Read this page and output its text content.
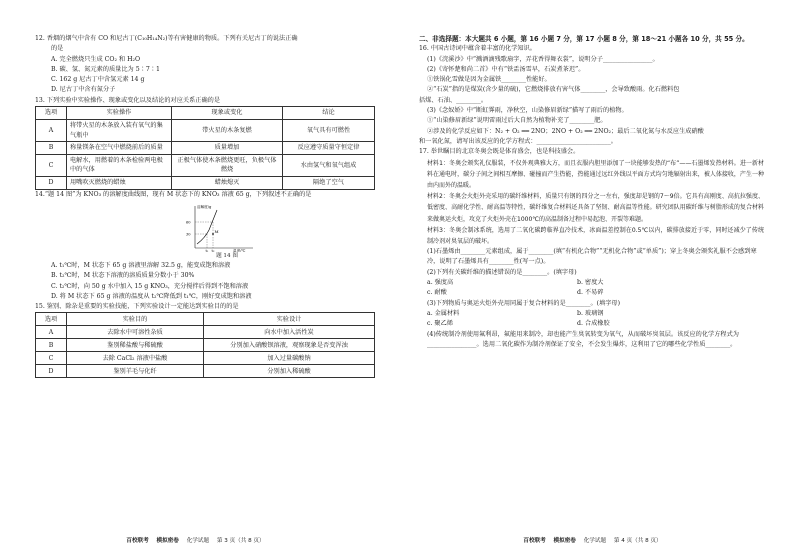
12. 香烟的烟气中含有 CO 和尼古丁(C₁₀H₁₄N₂)等有害健康的物质。下列有关尼古丁的说法正确
的是
A. 完全燃烧只生成 CO₂ 和 H₂O
B. 碳、氢、氮元素的质量比为 5∶7∶1
C. 162 g 尼古丁中含氢元素 14 g
D. 尼古丁中含有氮分子
13. 下列实验中实验操作、现象或变化以及结论的对应关系正确的是
选项	实验操作	现象或变化	结论
A	将带火星的木条放入装有氧气的集气瓶中	带火星的木条复燃	氧气具有可燃性
B	称量镁条在空气中燃烧前后的质量	质量增加	反应遵守质量守恒定律
C	电解水，用燃着的木条检验两电极中的气体	正极气体使木条燃烧更旺，负极气体燃烧	水由氢气和氧气组成
D	用嘴吹灭燃烧的蜡烛	蜡烛熄灭	隔绝了空气
14.“题 14 图”为 KNO₃ 的溶解度曲线图，现有 M 状态下的 KNO₃ 溶液 65 g，下列叙述不正确的是
M
溶解度/g
60
30
t₁ t₂	温度/℃
题 14 图
A. t₁℃时，M 状态下 65 g 溶液里溶解 32.5 g，能变成饱和溶液
B. t₂℃时，M 状态下溶液的溶质质量分数小于 30%
C. t₂℃时，向 50 g 水中加入 15 g KNO₃，充分搅拌后得到不饱和溶液
D. 将 M 状态下 65 g 溶液的温度从 t₂℃降低到 t₁℃，刚好变成饱和溶液
15. 鉴别、除杂是重要的实验技能，下列实验设计一定能达到实验目的的是
选项	实验目的	实验设计
A	去除水中可溶性杂质	向水中加入活性炭
B	鉴别稀盐酸与稀硫酸	分别加入硝酸钡溶液，观察现象是否变浑浊
C	去除 CaCl₂ 溶液中盐酸	加入过量碳酸钠
D	鉴别羊毛与化纤	分别加入稀硫酸
百校联考 模拟密卷 化学试题 第 3 页（共 8 页）
二、非选择题：本大题共 6 小题，第 16 小题 7 分，第 17 小题 8 分，第 18～21 小题各 10 分，共 55 分。
16. 中国古诗词中蕴含着丰富的化学知识。
(1)《浣溪沙》中“溅酒滴残歌扇字，弄花香得舞衣裳”，说明分子________________。
(2)《寄怀楚和尚二首》中有“铁盂汤雪早，石炭煮茶迟”。
①铁锅化雪做是因为金属铁________性能好。
②“石炭”指的是煤炭(含少量的硫)，它燃烧排放有害气体________，会导致酸雨。化石燃料包
括煤、石油、________。
(3)《念奴娇》中“断虹霁雨，净秋空，山染修眉新绿”描写了雨后的植物。
①“山染修眉新绿”说明雷雨过后大自然为植物补充了________肥。
②涉及的化学反应如下：N₂ + O₂ ══ 2NO；2NO + O₂ ══ 2NO₂；最后二氧化氮与水反应生成硝酸
和一氧化氮，请写出该反应的化学方程式：________________________。
17. 举世瞩目的北京冬奥会既是体育盛会，也是科技盛会。
材料1：冬奥会颁奖礼仪服装，不仅外观典雅大方，而且衣服内胆里添加了一块能够发热的“布”——石墨烯发热材料。进一新材料在通电时，碳分子间之间相互摩擦、碰撞而产生热能，热能通过远红外线以平面方式均匀地辐射出来，被人体接收，产生一种由内而外的温暖。
材料2：冬奥会火炬外壳采用的碳纤维材料，质量只有钢的四分之一左右，强度却是钢的7～9倍。它具有高刚度、高抗拉强度、低密度、高耐化学性、耐高温等特性，碳纤维复合材料还具备了坚韧、耐高温等性能。研究团队用碳纤维与树脂形成的复合材料来做奥运火炬，攻克了火炬外壳在1000℃的高温制备过程中易起泡、开裂等难题。
材料3：冬奥会制冰系统，选用了二氧化碳跨临界直冷技术，冰面温差控制在0.5℃以内，碳排放接近于零，同时还减少了传统制冷剂对臭氧层的破坏。
(1)石墨烯由________元素组成，属于________(填“有机化合物”“无机化合物”或“单质”)；穿上冬奥会颁奖礼服不会感到寒冷，说明了石墨烯具有________性(写一点)。
(2)下列有关碳纤维的描述错误的是________。(填字母)
a. 强度高	b. 密度大
c. 耐酸	d. 不易碎
(3)下列物质与奥运火炬外壳用同属于复合材料的是________。(填字母)
a. 金属材料	b. 玻璃钢
c. 聚乙烯	d. 合成橡胶
(4)传统制冷剂使用氟利昂，氟能用来制冷，却也能产生臭氧转变为氧气，从而破坏臭氧层。该反应的化学方程式为________________。选用二氧化碳作为制冷剂保证了安全，不会发生爆炸，这利用了它的哪些化学性质________。
百校联考 模拟密卷 化学试题 第 4 页（共 8 页）
